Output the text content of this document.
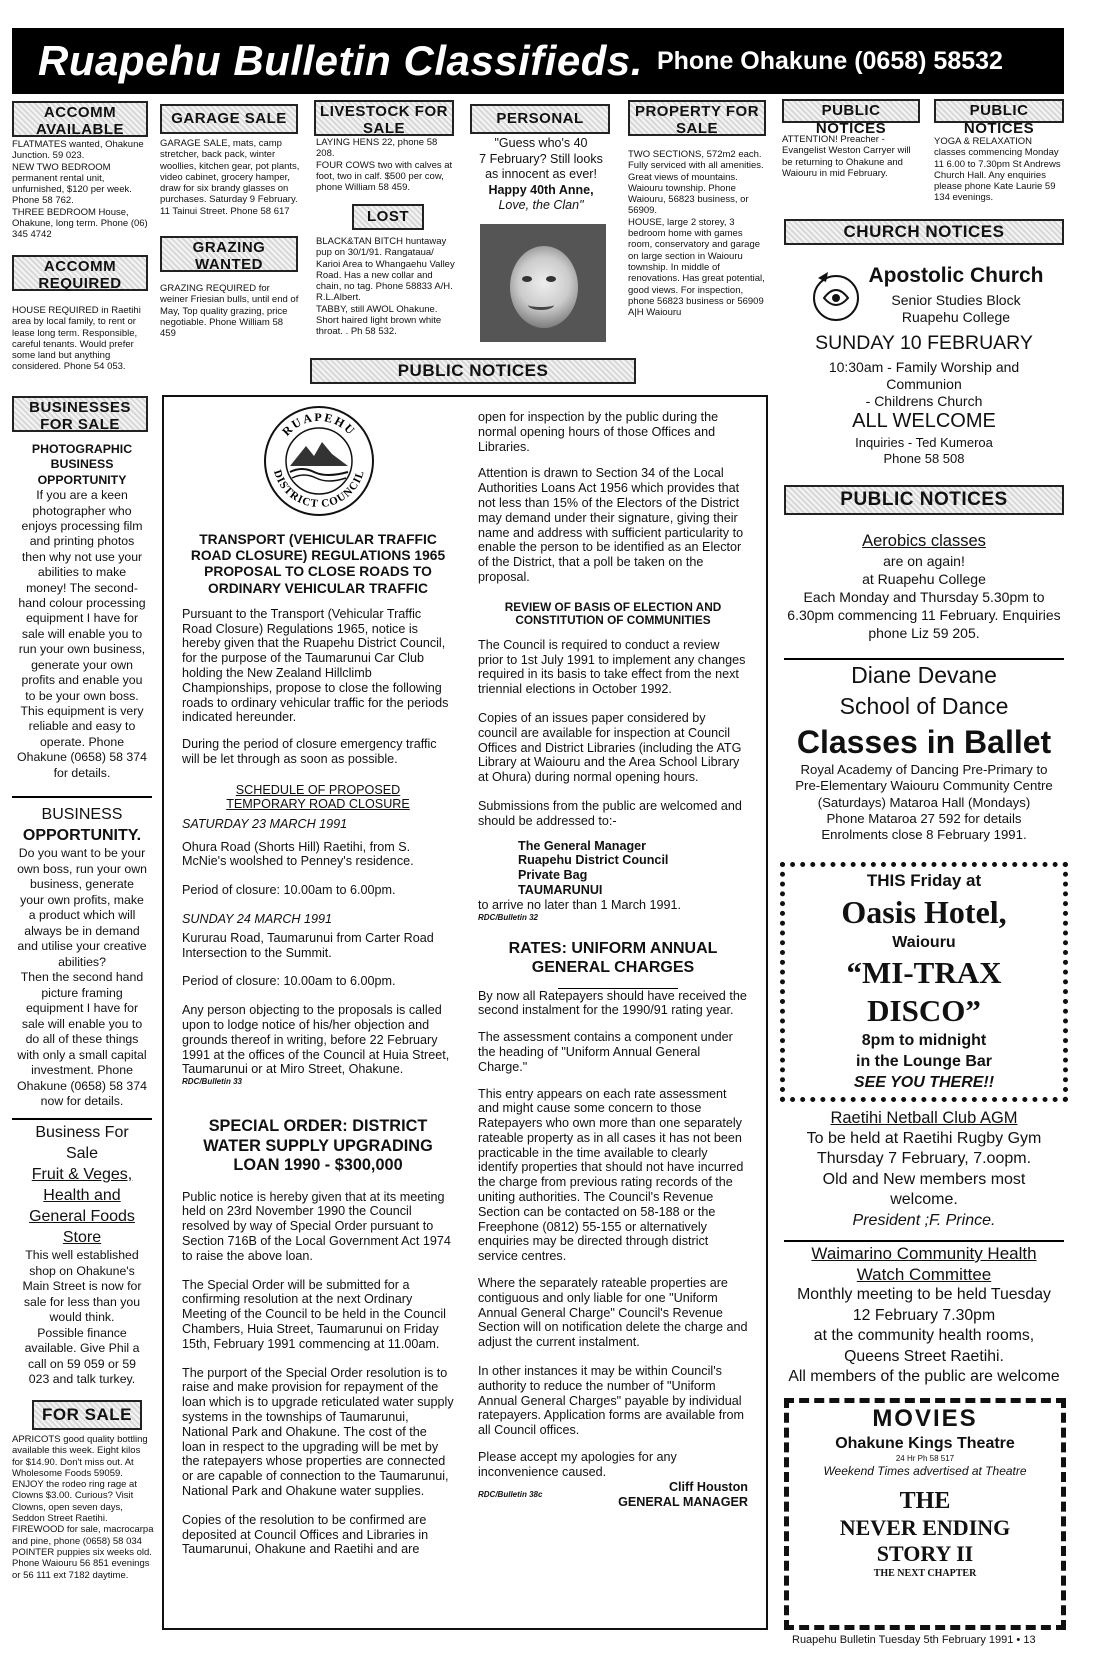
Ruapehu Bulletin Classifieds. Phone Ohakune (0658) 58532
ACCOMM
AVAILABLE

FLATMATES wanted, Ohakune Junction. 59 023.

NEW TWO BEDROOM permanent rental unit, unfurnished, $120 per week. Phone 58 762.

THREE BEDROOM House, Ohakune, long term. Phone (06) 345 4742

ACCOMM
REQUIRED
HOUSE REQUIRED in Raetihi area by local family, to rent or lease long term. Responsible, careful tenants. Would prefer some land but anything considered. Phone 54 053.
GARAGE SALE
GARAGE SALE, mats, camp stretcher, back pack, winter woollies, kitchen gear, pot plants, video cabinet, grocery hamper, draw for six brandy glasses on purchases. Saturday 9 February. 11 Tainui Street. Phone 58 617
GRAZING
WANTED
GRAZING REQUIRED for weiner Friesian bulls, until end of May, Top quality grazing, price negotiable. Phone William 58 459
LIVESTOCK FOR
SALE

LAYING HENS 22, phone 58 208.

FOUR COWS two with calves at foot, two in calf. $500 per cow, phone William 58 459.

LOST

BLACK&TAN BITCH huntaway pup on 30/1/91. Rangataua/ Karioi Area to Whangaehu Valley Road. Has a new collar and chain, no tag. Phone 58833 A/H. R.L.Albert.

TABBY, still AWOL Ohakune. Short haired light brown white throat. . Ph 58 532.

PERSONAL

"Guess who's 40

7 February? Still looks

as innocent as ever!

Happy 40th Anne,

Love, the Clan"

PROPERTY FOR
SALE

TWO SECTIONS, 572m2 each. Fully serviced with all amenities. Great views of mountains. Waiouru township. Phone Waiouru, 56823 business, or 56909.

HOUSE, large 2 storey, 3 bedroom home with games room, conservatory and garage on large section in Waiouru township. In middle of renovations. Has great potential, good views. For inspection, phone 56823 business or 56909 A|H Waiouru

PUBLIC NOTICES
ATTENTION! Preacher - Evangelist Weston Carryer will be returning to Ohakune and Waiouru in mid February.
PUBLIC NOTICES
YOGA & RELAXATION classes commencing Monday 11 6.00 to 7.30pm St Andrews Church Hall. Any enquiries please phone Kate Laurie 59 134 evenings.
CHURCH NOTICES

Apostolic Church

Senior Studies Block

Ruapehu College

SUNDAY 10 FEBRUARY

10:30am - Family Worship and

Communion

- Childrens Church

ALL WELCOME

Inquiries - Ted Kumeroa

Phone 58 508

PUBLIC NOTICES

Aerobics classes

are on again!

at Ruapehu College

Each Monday and Thursday 5.30pm to

6.30pm commencing 11 February. Enquiries

phone Liz 59 205.

Diane Devane

School of Dance

Classes in Ballet

Royal Academy of Dancing Pre-Primary to

Pre-Elementary Waiouru Community Centre

(Saturdays) Mataroa Hall (Mondays)

Phone Mataroa 27 592 for details

Enrolments close 8 February 1991.

THIS Friday at

Oasis Hotel,

Waiouru

“MI-TRAX

DISCO”

8pm to midnight

in the Lounge Bar

SEE YOU THERE!!

Raetihi Netball Club AGM

To be held at Raetihi Rugby Gym

Thursday 7 February, 7.oopm.

Old and New members most

welcome.

President ;F. Prince.

Waimarino Community Health

Watch Committee

Monthly meeting to be held Tuesday

12 February 7.30pm

at the community health rooms,

Queens Street Raetihi.

All members of the public are welcome

MOVIES

Ohakune Kings Theatre

24 Hr Ph 58 517

Weekend Times advertised at Theatre

THE

NEVER ENDING

STORY II

THE NEXT CHAPTER

Ruapehu Bulletin Tuesday 5th February 1991 • 13
BUSINESSES
FOR SALE

PHOTOGRAPHIC

BUSINESS

OPPORTUNITY

If you are a keen

photographer who

enjoys processing film

and printing photos

then why not use your

abilities to make

money! The second-

hand colour processing

equipment I have for

sale will enable you to

run your own business,

generate your own

profits and enable you

to be your own boss.

This equipment is very

reliable and easy to

operate. Phone

Ohakune (0658) 58 374

for details.

BUSINESS

OPPORTUNITY.

Do you want to be your

own boss, run your own

business, generate

your own profits, make

a product which will

always be in demand

and utilise your creative

abilities?

Then the second hand

picture framing

equipment I have for

sale will enable you to

do all of these things

with only a small capital

investment. Phone

Ohakune (0658) 58 374

now for details.

Business For

Sale

Fruit & Veges,

Health and

General Foods

Store

This well established

shop on Ohakune's

Main Street is now for

sale for less than you

would think.

Possible finance

available. Give Phil a

call on 59 059 or 59

023 and talk turkey.

FOR SALE

APRICOTS good quality bottling available this week. Eight kilos for $14.90. Don't miss out. At Wholesome Foods 59059.

ENJOY the rodeo ring rage at Clowns $3.00. Curious? Visit Clowns, open seven days, Seddon Street Raetihi.

FIREWOOD for sale, macrocarpa and pine, phone (0658) 58 034

POINTER puppies six weeks old. Phone Waiouru 56 851 evenings or 56 111 ext 7182 daytime.

PUBLIC NOTICES
RUAPEHU
DISTRICT COUNCIL

TRANSPORT (VEHICULAR TRAFFIC

ROAD CLOSURE) REGULATIONS 1965

PROPOSAL TO CLOSE ROADS TO

ORDINARY VEHICULAR TRAFFIC

Pursuant to the Transport (Vehicular Traffic Road Closure) Regulations 1965, notice is hereby given that the Ruapehu District Council, for the purpose of the Taumarunui Car Club holding the New Zealand Hillclimb Championships, propose to close the following roads to ordinary vehicular traffic for the periods indicated hereunder.

During the period of closure emergency traffic will be let through as soon as possible.

SCHEDULE OF PROPOSED

TEMPORARY ROAD CLOSURE

SATURDAY 23 MARCH 1991

Ohura Road (Shorts Hill) Raetihi, from S. McNie's woolshed to Penney's residence.

Period of closure: 10.00am to 6.00pm.

SUNDAY 24 MARCH 1991

Kururau Road, Taumarunui from Carter Road Intersection to the Summit.

Period of closure: 10.00am to 6.00pm.

Any person objecting to the proposals is called upon to lodge notice of his/her objection and grounds thereof in writing, before 22 February 1991 at the offices of the Council at Huia Street, Taumarunui or at Miro Street, Ohakune.

RDC/Bulletin 33

SPECIAL ORDER: DISTRICT

WATER SUPPLY UPGRADING

LOAN 1990 - $300,000

Public notice is hereby given that at its meeting held on 23rd November 1990 the Council resolved by way of Special Order pursuant to Section 716B of the Local Government Act 1974 to raise the above loan.

The Special Order will be submitted for a confirming resolution at the next Ordinary Meeting of the Council to be held in the Council Chambers, Huia Street, Taumarunui on Friday 15th, February 1991 commencing at 11.00am.

The purport of the Special Order resolution is to raise and make provision for repayment of the loan which is to upgrade reticulated water supply systems in the townships of Taumarunui, National Park and Ohakune. The cost of the loan in respect to the upgrading will be met by the ratepayers whose properties are connected or are capable of connection to the Taumarunui, National Park and Ohakune water supplies.

Copies of the resolution to be confirmed are deposited at Council Offices and Libraries in Taumarunui, Ohakune and Raetihi and are

open for inspection by the public during the normal opening hours of those Offices and Libraries.

Attention is drawn to Section 34 of the Local Authorities Loans Act 1956 which provides that not less than 15% of the Electors of the District may demand under their signature, giving their name and address with sufficient particularity to enable the person to be identified as an Elector of the District, that a poll be taken on the proposal.

REVIEW OF BASIS OF ELECTION AND

CONSTITUTION OF COMMUNITIES

The Council is required to conduct a review prior to 1st July 1991 to implement any changes required in its basis to take effect from the next triennial elections in October 1992.

Copies of an issues paper considered by council are available for inspection at Council Offices and District Libraries (including the ATG Library at Waiouru and the Area School Library at Ohura) during normal opening hours.

Submissions from the public are welcomed and should be addressed to:-

The General Manager

Ruapehu District Council

Private Bag

TAUMARUNUI

to arrive no later than 1 March 1991.

RDC/Bulletin 32

RATES: UNIFORM ANNUAL

GENERAL CHARGES

By now all Ratepayers should have received the second instalment for the 1990/91 rating year.

The assessment contains a component under the heading of "Uniform Annual General Charge."

This entry appears on each rate assessment and might cause some concern to those Ratepayers who own more than one separately rateable property as in all cases it has not been practicable in the time available to clearly identify properties that should not have incurred the charge from previous rating records of the uniting authorities. The Council's Revenue Section can be contacted on 58-188 or the Freephone (0812) 55-155 or alternatively enquiries may be directed through district service centres.

Where the separately rateable properties are contiguous and only liable for one "Uniform Annual General Charge" Council's Revenue Section will on notification delete the charge and adjust the current instalment.

In other instances it may be within Council's authority to reduce the number of "Uniform Annual General Charges" payable by individual ratepayers. Application forms are available from all Council offices.

Please accept my apologies for any inconvenience caused.

Cliff Houston

RDC/Bulletin 38c

GENERAL MANAGER
